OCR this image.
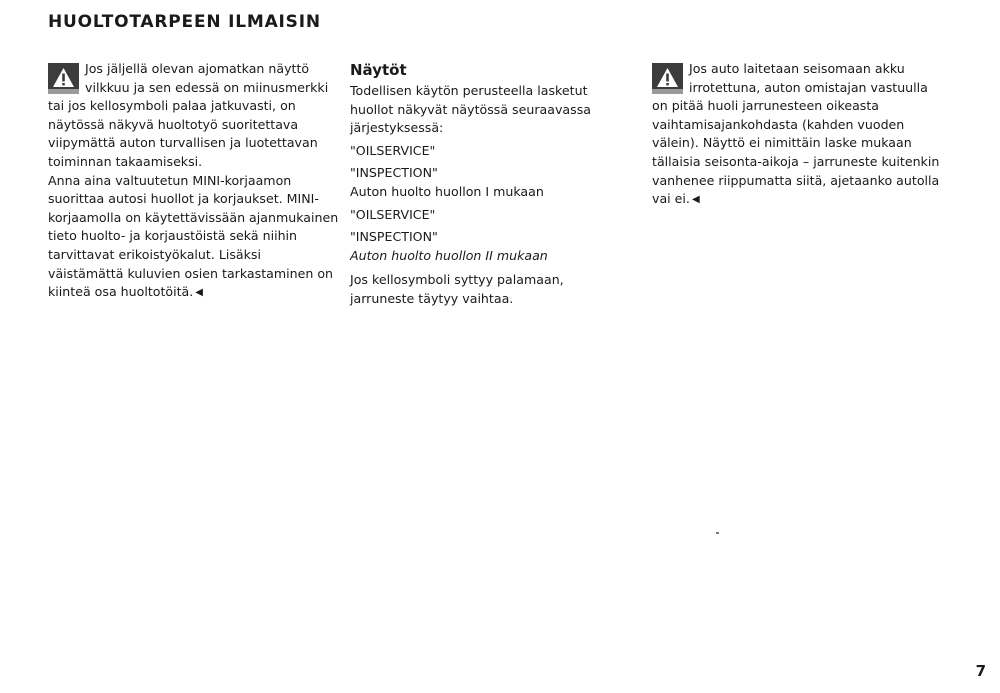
HUOLTOTARPEEN ILMAISIN

Jos jäljellä olevan ajomatkan näyttö vilkkuu ja sen edessä on miinusmerkki tai jos kellosymboli palaa jatkuvasti, on näytössä näkyvä huoltotyö suoritettava viipymättä auton turvallisen ja luotettavan toiminnan takaamiseksi.

Anna aina valtuutetun MINI-korjaamon suorittaa autosi huollot ja korjaukset. MINI-korjaamolla on käytettävissään ajanmukainen tieto huolto- ja korjaustöistä sekä niihin tarvittavat erikoistyökalut. Lisäksi väistämättä kuluvien osien tarkastaminen on kiinteä osa huoltotöitä. ◀

Näytöt

Todellisen käytön perusteella lasketut huollot näkyvät näytössä seuraavassa järjestyksessä:

"OILSERVICE"

"INSPECTION"

Auton huolto huollon I mukaan

"OILSERVICE"

"INSPECTION"

Auton huolto huollon II mukaan

Jos kellosymboli syttyy palamaan, jarruneste täytyy vaihtaa.

Jos auto laitetaan seisomaan akku irrotettuna, auton omistajan vastuulla on pitää huoli jarrunesteen oikeasta vaihtamisajankohdasta (kahden vuoden välein). Näyttö ei nimittäin laske mukaan tällaisia seisonta-aikoja – jarruneste kuitenkin vanhenee riippumatta siitä, ajetaanko autolla vai ei. ◀

7
